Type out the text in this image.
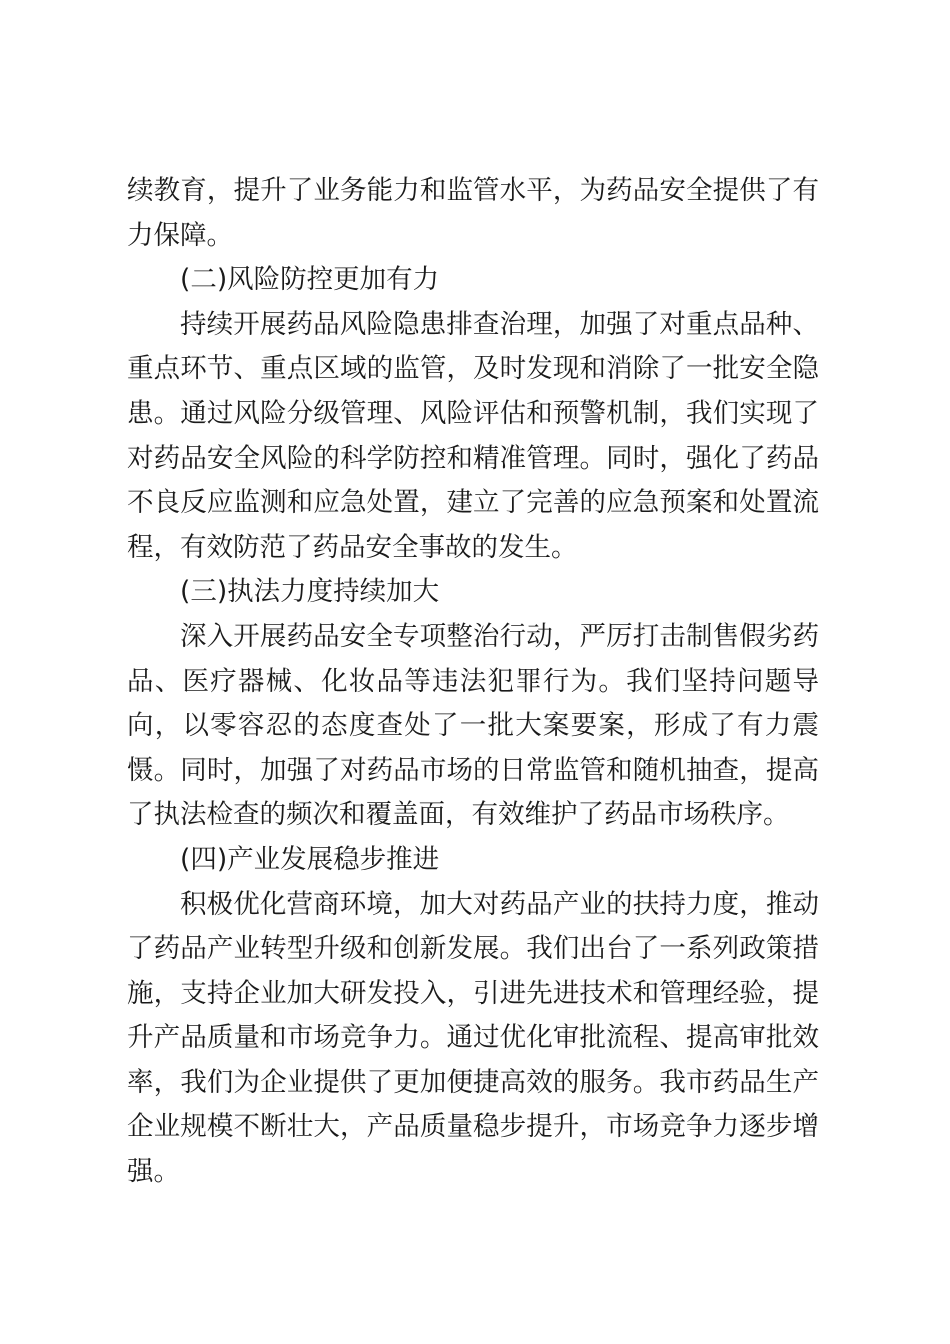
续教育，提升了业务能力和监管水平，为药品安全提供了有力保障。

(二)风险防控更加有力

持续开展药品风险隐患排查治理，加强了对重点品种、重点环节、重点区域的监管，及时发现和消除了一批安全隐患。通过风险分级管理、风险评估和预警机制，我们实现了对药品安全风险的科学防控和精准管理。同时，强化了药品不良反应监测和应急处置，建立了完善的应急预案和处置流程，有效防范了药品安全事故的发生。

(三)执法力度持续加大

深入开展药品安全专项整治行动，严厉打击制售假劣药品、医疗器械、化妆品等违法犯罪行为。我们坚持问题导向，以零容忍的态度查处了一批大案要案，形成了有力震慑。同时，加强了对药品市场的日常监管和随机抽查，提高了执法检查的频次和覆盖面，有效维护了药品市场秩序。

(四)产业发展稳步推进

积极优化营商环境，加大对药品产业的扶持力度，推动了药品产业转型升级和创新发展。我们出台了一系列政策措施，支持企业加大研发投入，引进先进技术和管理经验，提升产品质量和市场竞争力。通过优化审批流程、提高审批效率，我们为企业提供了更加便捷高效的服务。我市药品生产企业规模不断壮大，产品质量稳步提升，市场竞争力逐步增强。
